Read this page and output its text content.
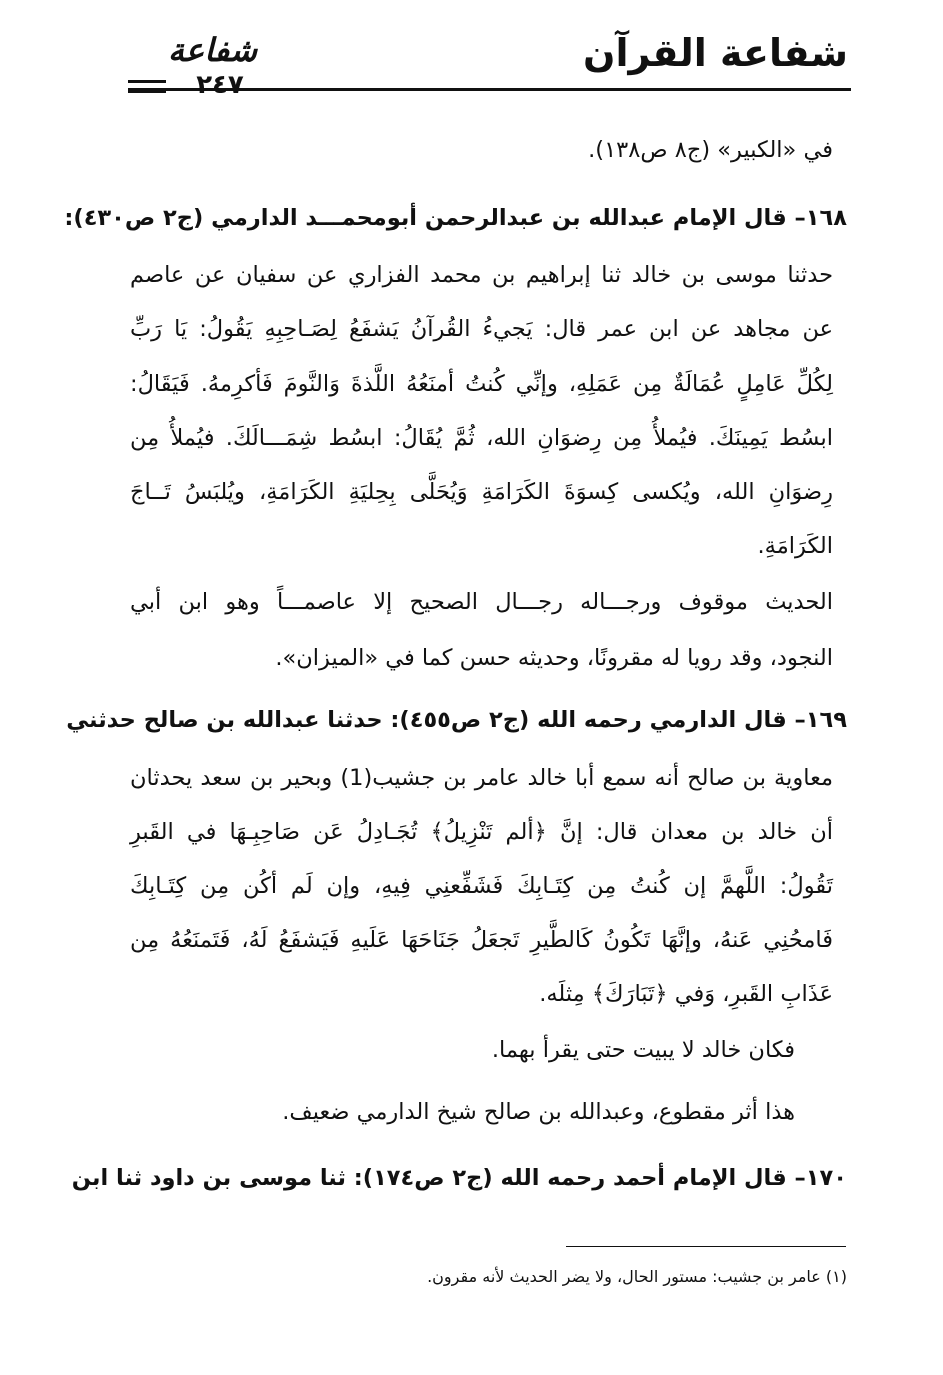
شفاعة القرآن
شفاعة
٢٤٧
في «الكبير» (ج٨ ص١٣٨).
١٦٨– قال الإمام عبدالله بن عبدالرحمن أبومحمـــد الدارمي (ج٢ ص٤٣٠):
حدثنا موسى بن خالد ثنا إبراهيم بن محمد الفزاري عن سفيان عن عاصم
عن مجاهد عن ابن عمر قال: يَجيءُ القُرآنُ يَشفَعُ لِصَـاحِبِهِ يَقُولُ: يَا رَبِّ
لِكُلِّ عَامِلٍ عُمَالَةٌ مِن عَمَلِهِ، وإنِّي كُنتُ أمنَعُهُ اللَّذةَ وَالنَّومَ فَأكرِمهُ. فَيَقَالُ:
ابسُط يَمِينَكَ. فيُملأُ مِن رِضوَانِ الله، ثُمَّ يُقَالُ: ابسُط شِمَـــالَكَ. فيُملأُ مِن
رِضوَانِ الله، ويُكسى كِسوَةَ الكَرَامَةِ وَيُحَلَّى بِحِليَةِ الكَرَامَةِ، ويُلبَسُ تَــاجَ
الكَرَامَةِ.
الحديث موقوف ورجـــاله رجـــال الصحيح إلا عاصمـــاً وهو ابن أبي
النجود، وقد رويا له مقرونًا، وحديثه حسن كما في «الميزان».
١٦٩– قال الدارمي رحمه الله (ج٢ ص٤٥٥): حدثنا عبدالله بن صالح حدثني
معاوية بن صالح أنه سمع أبا خالد عامر بن جشيب(1) وبحير بن سعد يحدثان
أن خالد بن معدان قال: إنَّ ﴿ألم تَنْزِيلُ﴾ تُجَـادِلُ عَن صَاحِبِـهَا في القَبرِ
تَقُولُ: اللَّهمَّ إن كُنتُ مِن كِتَـابِكَ فَشَفِّعنِي فِيهِ، وإن لَم أكُن مِن كِتَـابِكَ
فَامحُنِي عَنهُ، وإنَّهَا تَكُونُ كَالطَّيرِ تَجعَلُ جَنَاحَهَا عَلَيهِ فَيَشفَعُ لَهُ، فَتَمنَعُهُ مِن
عَذَابِ القَبرِ، وَفي ﴿تَبَارَكَ﴾ مِثلَه.
فكان خالد لا يبيت حتى يقرأ بهما.
هذا أثر مقطوع، وعبدالله بن صالح شيخ الدارمي ضعيف.
١٧٠– قال الإمام أحمد رحمه الله (ج٢ ص١٧٤): ثنا موسى بن داود ثنا ابن
(١) عامر بن جشيب: مستور الحال، ولا يضر الحديث لأنه مقرون.
